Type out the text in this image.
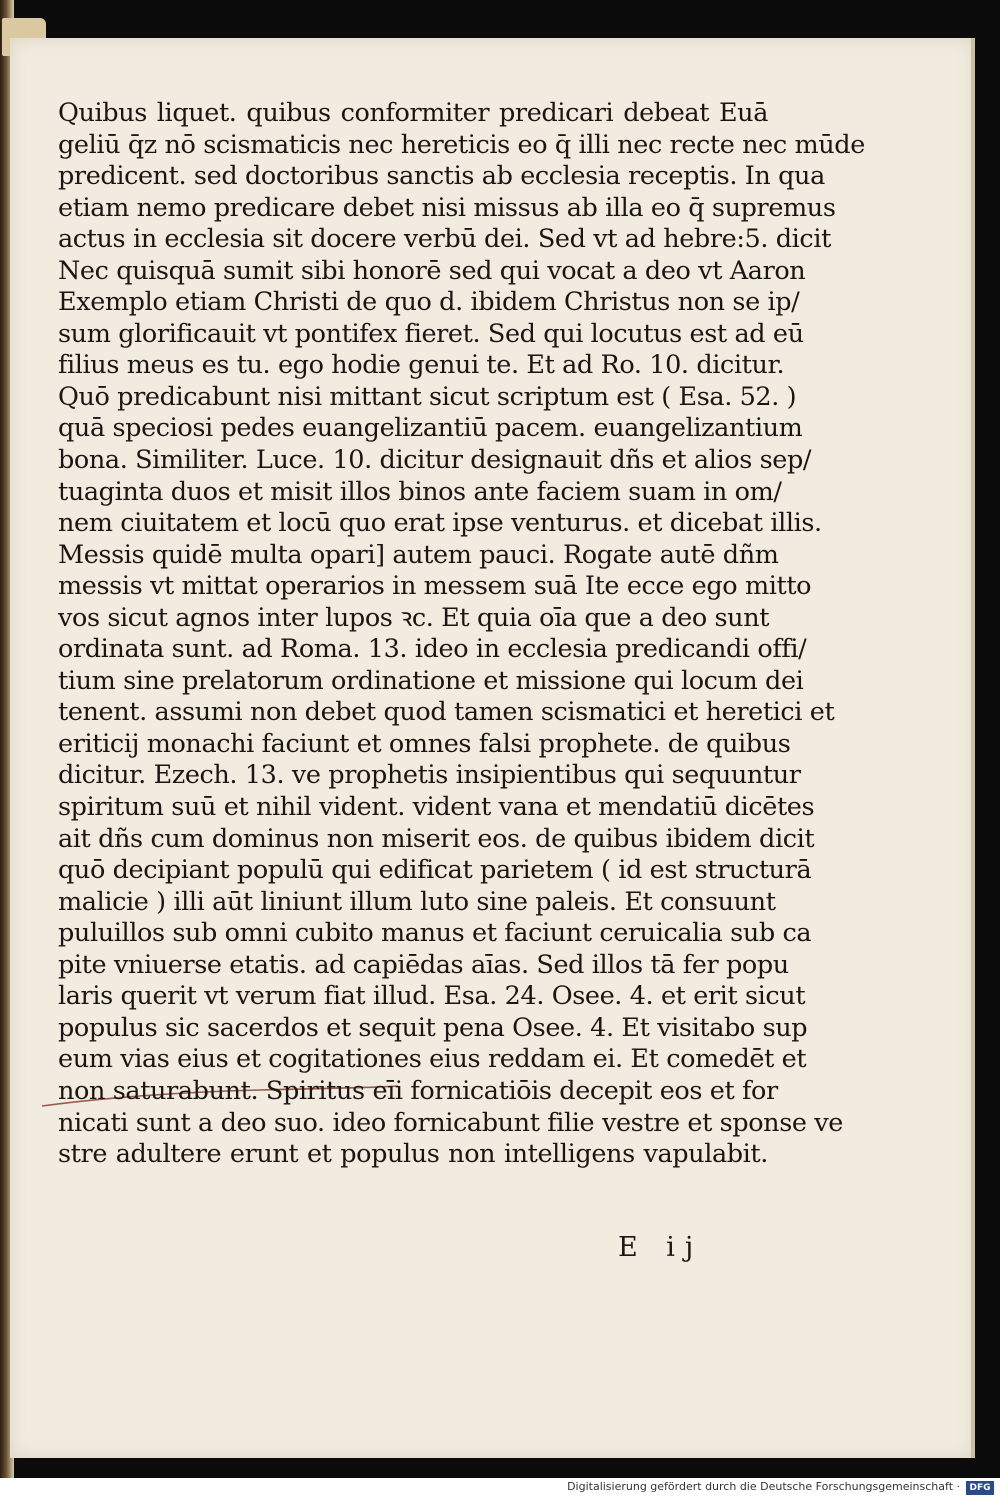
Quibus liquet. quibus conformiter predicari debeat Euā
geliū q̄z nō scismaticis nec hereticis eo q̄ illi nec recte nec mūde
predicent. sed doctoribus sanctis ab ecclesia receptis. In qua
etiam nemo predicare debet nisi missus ab illa eo q̄ supremus
actus in ecclesia sit docere verbū dei. Sed vt ad hebre:5. dicit
Nec quisquā sumit sibi honorē sed qui vocat a deo vt Aaron
Exemplo etiam Christi de quo d. ibidem Christus non se ip/
sum glorificauit vt pontifex fieret. Sed qui locutus est ad eū
filius meus es tu. ego hodie genui te. Et ad Ro. 10. dicitur.
Quō predicabunt nisi mittant sicut scriptum est ( Esa. 52. )
quā speciosi pedes euangelizantiū pacem. euangelizantium
bona. Similiter. Luce. 10. dicitur designauit dñs et alios sep/
tuaginta duos et misit illos binos ante faciem suam in om/
nem ciuitatem et locū quo erat ipse venturus. et dicebat illis.
Messis quidē multa opari] autem pauci. Rogate autē dñm
messis vt mittat operarios in messem suā Ite ecce ego mitto
vos sicut agnos inter lupos ꝛc. Et quia oīa que a deo sunt
ordinata sunt. ad Roma. 13. ideo in ecclesia predicandi offi/
tium sine prelatorum ordinatione et missione qui locum dei
tenent. assumi non debet quod tamen scismatici et heretici et
eriticij monachi faciunt et omnes falsi prophete. de quibus
dicitur. Ezech. 13. ve prophetis insipientibus qui sequuntur
spiritum suū et nihil vident. vident vana et mendatiū dicētes
ait dñs cum dominus non miserit eos. de quibus ibidem dicit
quō decipiant populū qui edificat parietem ( id est structurā
malicie ) illi aūt liniunt illum luto sine paleis. Et consuunt
puluillos sub omni cubito manus et faciunt ceruicalia sub ca
pite vniuerse etatis. ad capiēdas aīas. Sed illos tā fer popu
laris querit vt verum fiat illud. Esa. 24. Osee. 4. et erit sicut
populus sic sacerdos et sequit pena Osee. 4. Et visitabo sup
eum vias eius et cogitationes eius reddam ei. Et comedēt et
non saturabunt. Spiritus eīi fornicatiōis decepit eos et for
nicati sunt a deo suo. ideo fornicabunt filie vestre et sponse ve
stre adultere erunt et populus non intelligens vapulabit.
E ij
Digitalisierung gefördert durch die Deutsche Forschungsgemeinschaft ·	DFG
